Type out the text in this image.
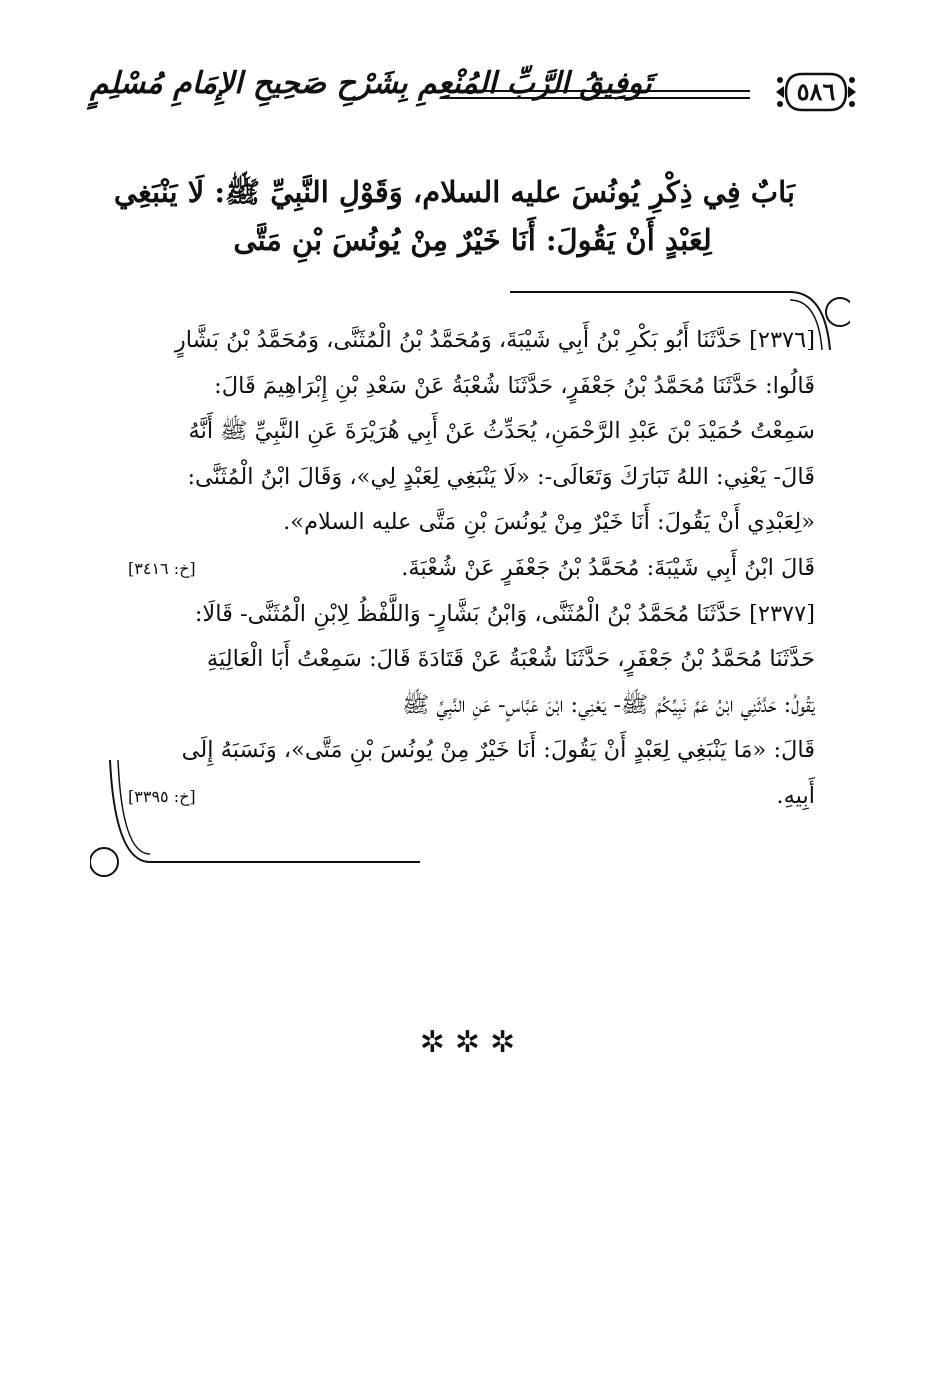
تَوفِيقُ الرَّبِّ المُنْعِمِ بِشَرْحِ صَحِيحِ الإِمَامِ مُسْلِمٍ	٥٨٦
بَابٌ فِي ذِكْرِ يُونُسَ عليه السلام، وَقَوْلِ النَّبِيِّ ﷺ: لَا يَنْبَغِي
لِعَبْدٍ أَنْ يَقُولَ: أَنَا خَيْرٌ مِنْ يُونُسَ بْنِ مَتَّى
[٢٣٧٦] حَدَّثَنَا أَبُو بَكْرِ بْنُ أَبِي شَيْبَةَ، وَمُحَمَّدُ بْنُ الْمُثَنَّى، وَمُحَمَّدُ بْنُ بَشَّارٍ
قَالُوا: حَدَّثَنَا مُحَمَّدُ بْنُ جَعْفَرٍ، حَدَّثَنَا شُعْبَةُ عَنْ سَعْدِ بْنِ إِبْرَاهِيمَ قَالَ:
سَمِعْتُ حُمَيْدَ بْنَ عَبْدِ الرَّحْمَنِ، يُحَدِّثُ عَنْ أَبِي هُرَيْرَةَ عَنِ النَّبِيِّ ﷺ أَنَّهُ
قَالَ- يَعْنِي: اللهُ تَبَارَكَ وَتَعَالَى-: «لَا يَنْبَغِي لِعَبْدٍ لِي»، وَقَالَ ابْنُ الْمُثَنَّى:
«لِعَبْدِي أَنْ يَقُولَ: أَنَا خَيْرٌ مِنْ يُونُسَ بْنِ مَتَّى عليه السلام».
قَالَ ابْنُ أَبِي شَيْبَةَ: مُحَمَّدُ بْنُ جَعْفَرٍ عَنْ شُعْبَةَ.
[خ: ٣٤١٦]
[٢٣٧٧] حَدَّثَنَا مُحَمَّدُ بْنُ الْمُثَنَّى، وَابْنُ بَشَّارٍ- وَاللَّفْظُ لِابْنِ الْمُثَنَّى- قَالَا:
حَدَّثَنَا مُحَمَّدُ بْنُ جَعْفَرٍ، حَدَّثَنَا شُعْبَةُ عَنْ قَتَادَةَ قَالَ: سَمِعْتُ أَبَا الْعَالِيَةِ
يَقُولُ: حَدَّثَنِي ابْنُ عَمِّ نَبِيِّكُمْ ﷺ- يَعْنِي: ابْنَ عَبَّاسٍ- عَنِ النَّبِيِّ ﷺ
قَالَ: «مَا يَنْبَغِي لِعَبْدٍ أَنْ يَقُولَ: أَنَا خَيْرٌ مِنْ يُونُسَ بْنِ مَتَّى»، وَنَسَبَهُ إِلَى
أَبِيهِ.
[خ: ٣٣٩٥]
✲✲✲
